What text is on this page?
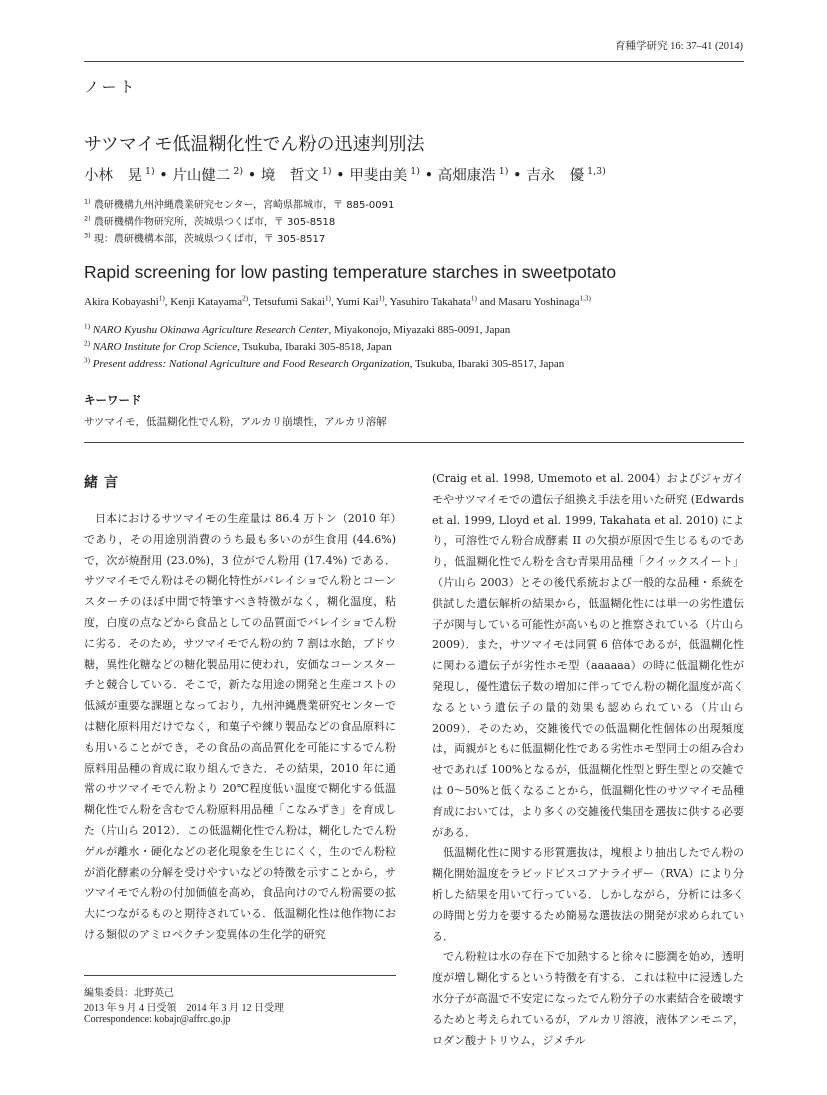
育種学研究 16: 37–41 (2014)
ノート
サツマイモ低温糊化性でん粉の迅速判別法
小林　晃 $^{1)}$ • 片山健二 $^{2)}$ • 境　哲文 $^{1)}$ • 甲斐由美 $^{1)}$ • 高畑康浩 $^{1)}$ • 吉永　優 $^{1,3)}$
$^{1)}$ 農研機構九州沖縄農業研究センター，宮崎県都城市，〒 885-0091
$^{2)}$ 農研機構作物研究所，茨城県つくば市，〒 305-8518
$^{3)}$ 現：農研機構本部，茨城県つくば市，〒 305-8517
Rapid screening for low pasting temperature starches in sweetpotato
Akira Kobayashi$^{1)}$, Kenji Katayama$^{2)}$, Tetsufumi Sakai$^{1)}$, Yumi Kai$^{1)}$, Yasuhiro Takahata$^{1)}$ and Masaru Yoshinaga$^{1,3)}$
$^{1)}$ NARO Kyushu Okinawa Agriculture Research Center, Miyakonojo, Miyazaki 885-0091, Japan
$^{2)}$ NARO Institute for Crop Science, Tsukuba, Ibaraki 305-8518, Japan
$^{3)}$ Present address: National Agriculture and Food Research Organization, Tsukuba, Ibaraki 305-8517, Japan
キーワード
サツマイモ，低温糊化性でん粉，アルカリ崩壊性，アルカリ溶解
緒言

日本におけるサツマイモの生産量は 86.4 万トン（2010 年）であり，その用途別消費のうち最も多いのが生食用 (44.6%) で，次が焼酎用 (23.0%)，3 位がでん粉用 (17.4%) である．サツマイモでん粉はその糊化特性がバレイショでん粉とコーンスターチのほぼ中間で特筆すべき特徴がなく，糊化温度，粘度，白度の点などから食品としての品質面でバレイショでん粉に劣る．そのため，サツマイモでん粉の約 7 割は水飴，ブドウ糖，異性化糖などの糖化製品用に使われ，安価なコーンスターチと競合している．そこで，新たな用途の開発と生産コストの低減が重要な課題となっており，九州沖縄農業研究センターでは糖化原料用だけでなく，和菓子や練り製品などの食品原料にも用いることができ，その食品の高品質化を可能にするでん粉原料用品種の育成に取り組んできた．その結果，2010 年に通常のサツマイモでん粉より 20℃程度低い温度で糊化する低温糊化性でん粉を含むでん粉原料用品種「こなみずき」を育成した（片山ら 2012）．この低温糊化性でん粉は，糊化したでん粉ゲルが離水・硬化などの老化現象を生じにくく，生のでん粉粒が消化酵素の分解を受けやすいなどの特徴を示すことから，サツマイモでん粉の付加価値を高め，食品向けのでん粉需要の拡大につながるものと期待されている．低温糊化性は他作物における類似のアミロペクチン変異体の生化学的研究

(Craig et al. 1998, Umemoto et al. 2004）およびジャガイモやサツマイモでの遺伝子組換え手法を用いた研究 (Edwards et al. 1999, Lloyd et al. 1999, Takahata et al. 2010) により，可溶性でん粉合成酵素 II の欠損が原因で生じるものであり，低温糊化性でん粉を含む青果用品種「クイックスイート」（片山ら 2003）とその後代系統および一般的な品種・系統を供試した遺伝解析の結果から，低温糊化性には単一の劣性遺伝子が関与している可能性が高いものと推察されている（片山ら 2009）．また，サツマイモは同質 6 倍体であるが，低温糊化性に関わる遺伝子が劣性ホモ型（aaaaaa）の時に低温糊化性が発現し，優性遺伝子数の増加に伴ってでん粉の糊化温度が高くなるという遺伝子の量的効果も認められている（片山ら 2009）．そのため，交雑後代での低温糊化性個体の出現頻度は，両親がともに低温糊化性である劣性ホモ型同士の組み合わせであれば 100%となるが，低温糊化性型と野生型との交雑では 0〜50%と低くなることから，低温糊化性のサツマイモ品種育成においては，より多くの交雑後代集団を選抜に供する必要がある．

低温糊化性に関する形質選抜は，塊根より抽出したでん粉の糊化開始温度をラピッドビスコアナライザー（RVA）により分析した結果を用いて行っている．しかしながら，分析には多くの時間と労力を要するため簡易な選抜法の開発が求められている．

でん粉粒は水の存在下で加熱すると徐々に膨潤を始め，透明度が増し糊化するという特徴を有する．これは粒中に浸透した水分子が高温で不安定になったでん粉分子の水素結合を破壊するためと考えられているが，アルカリ溶液，液体アンモニア，ロダン酸ナトリウム，ジメチル

編集委員：北野英己
2013 年 9 月 4 日受領　2014 年 3 月 12 日受理
Correspondence: kobajr@affrc.go.jp
